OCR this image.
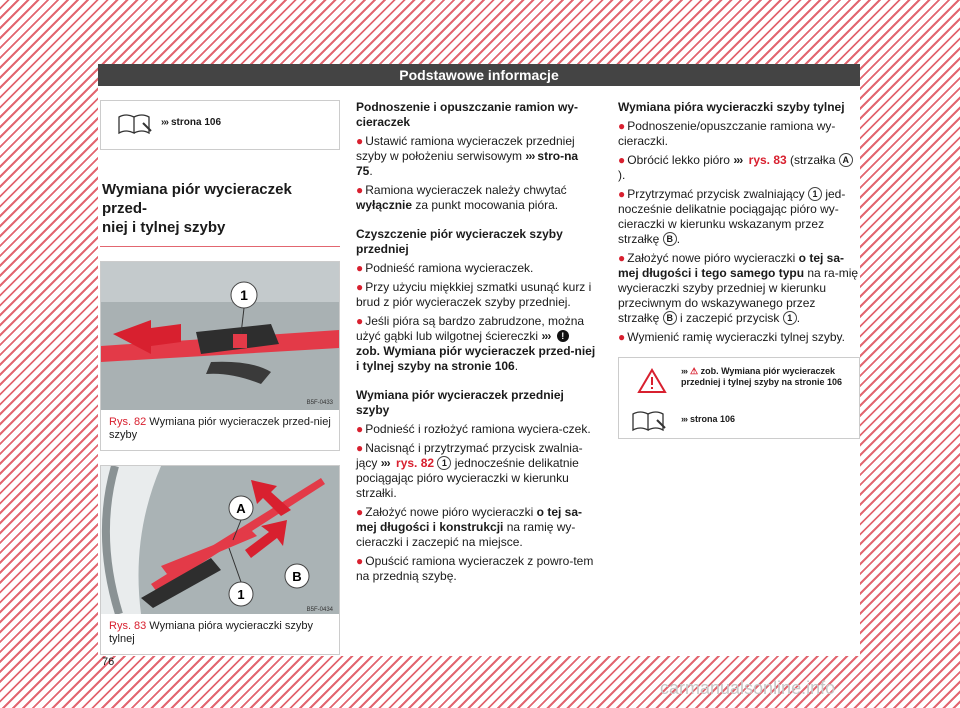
Podstawowe informacje
››› strona 106
Wymiana piór wycieraczek przed-
niej i tylnej szyby
1
B5F-0433
Rys. 82 Wymiana piór wycieraczek przed-niej szyby
A
B
1
B5F-0434
Rys. 83 Wymiana pióra wycieraczki szyby tylnej
76

Podnoszenie i opuszczanie ramion wy-cieraczek

● Ustawić ramiona wycieraczek przedniej szyby w położeniu serwisowym ››› stro-na 75.

● Ramiona wycieraczek należy chwytać wyłącznie za punkt mocowania pióra.

Czyszczenie piór wycieraczek szyby przedniej

● Podnieść ramiona wycieraczek.

● Przy użyciu miękkiej szmatki usunąć kurz i brud z piór wycieraczek szyby przedniej.

● Jeśli pióra są bardzo zabrudzone, można użyć gąbki lub wilgotnej ściereczki ››› ! zob. Wymiana piór wycieraczek przed-niej i tylnej szyby na stronie 106.

Wymiana piór wycieraczek przedniej szyby

● Podnieść i rozłożyć ramiona wyciera-czek.

● Nacisnąć i przytrzymać przycisk zwalnia-jący ››› rys. 82 1 jednocześnie delikatnie pociągając pióro wycieraczki w kierunku strzałki.

● Założyć nowe pióro wycieraczki o tej sa-mej długości i konstrukcji na ramię wy-cieraczki i zaczepić na miejsce.

● Opuścić ramiona wycieraczek z powro-tem na przednią szybę.

Wymiana pióra wycieraczki szyby tylnej

● Podnoszenie/opuszczanie ramiona wy-cieraczki.

● Obrócić lekko pióro ››› rys. 83 (strzałka A).

● Przytrzymać przycisk zwalniający 1 jed-nocześnie delikatnie pociągając pióro wy-cieraczki w kierunku wskazanym przez strzałkę B .

● Założyć nowe pióro wycieraczki o tej sa-mej długości i tego samego typu na ra-mię wycieraczki szyby przedniej w kierunku przeciwnym do wskazywanego przez strzałkę B i zaczepić przycisk 1 .

● Wymienić ramię wycieraczki tylnej szyby.

››› ⚠ zob. Wymiana piór wycieraczek przedniej i tylnej szyby na stronie 106
››› strona 106
carmanualsonline.info
